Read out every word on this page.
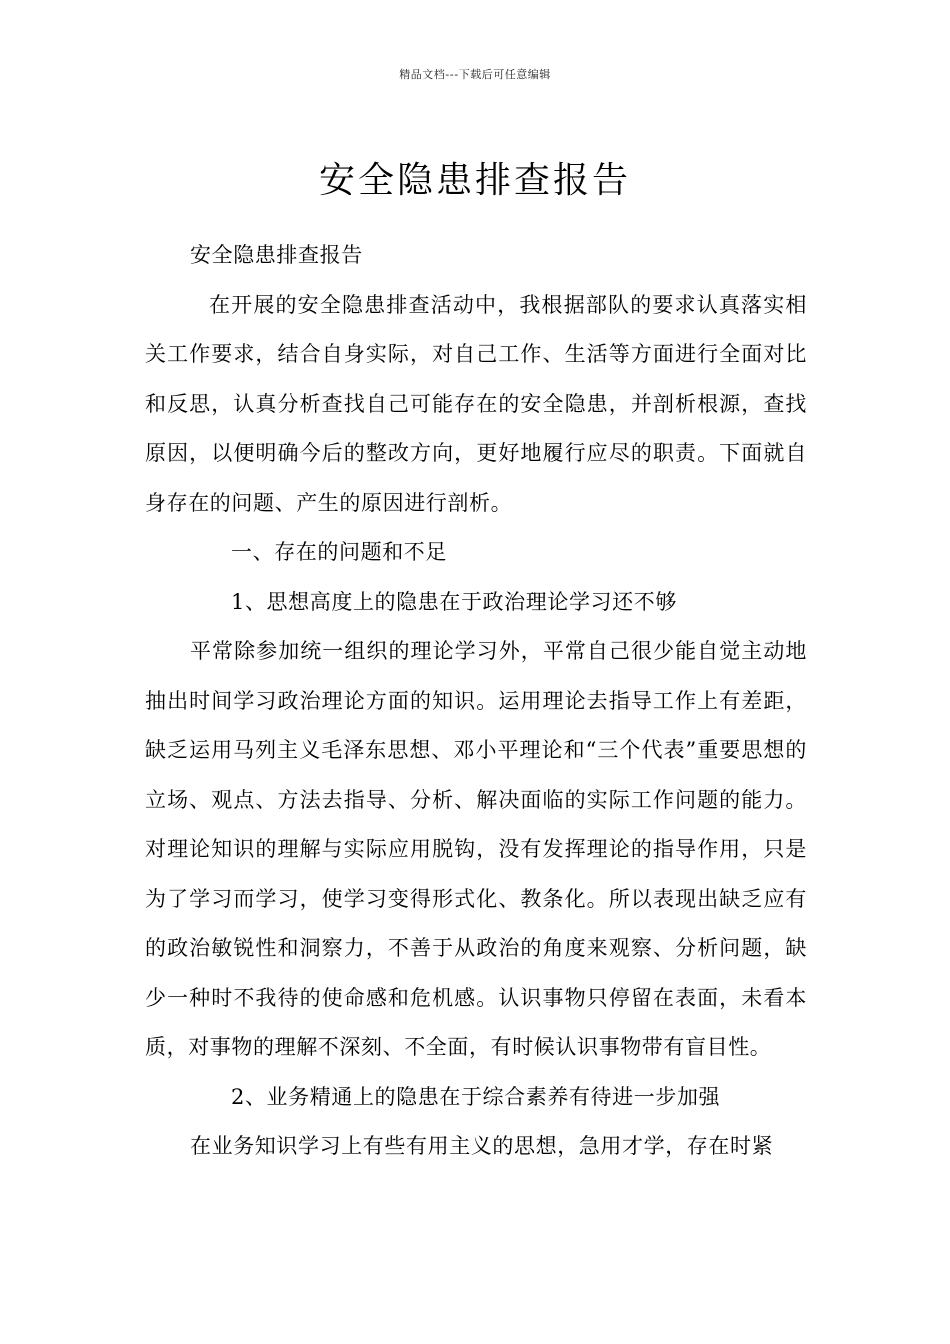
精品文档---下载后可任意编辑
安全隐患排查报告

安全隐患排查报告

在开展的安全隐患排查活动中，我根据部队的要求认真落实相关工作要求，结合自身实际，对自己工作、生活等方面进行全面对比和反思，认真分析查找自己可能存在的安全隐患，并剖析根源，查找原因，以便明确今后的整改方向，更好地履行应尽的职责。下面就自身存在的问题、产生的原因进行剖析。

一、存在的问题和不足

1、思想高度上的隐患在于政治理论学习还不够

平常除参加统一组织的理论学习外，平常自己很少能自觉主动地抽出时间学习政治理论方面的知识。运用理论去指导工作上有差距，缺乏运用马列主义毛泽东思想、邓小平理论和“三个代表”重要思想的立场、观点、方法去指导、分析、解决面临的实际工作问题的能力。对理论知识的理解与实际应用脱钩，没有发挥理论的指导作用，只是为了学习而学习，使学习变得形式化、教条化。所以表现出缺乏应有的政治敏锐性和洞察力，不善于从政治的角度来观察、分析问题，缺少一种时不我待的使命感和危机感。认识事物只停留在表面，未看本质，对事物的理解不深刻、不全面，有时候认识事物带有盲目性。

2、业务精通上的隐患在于综合素养有待进一步加强

在业务知识学习上有些有用主义的思想，急用才学，存在时紧
